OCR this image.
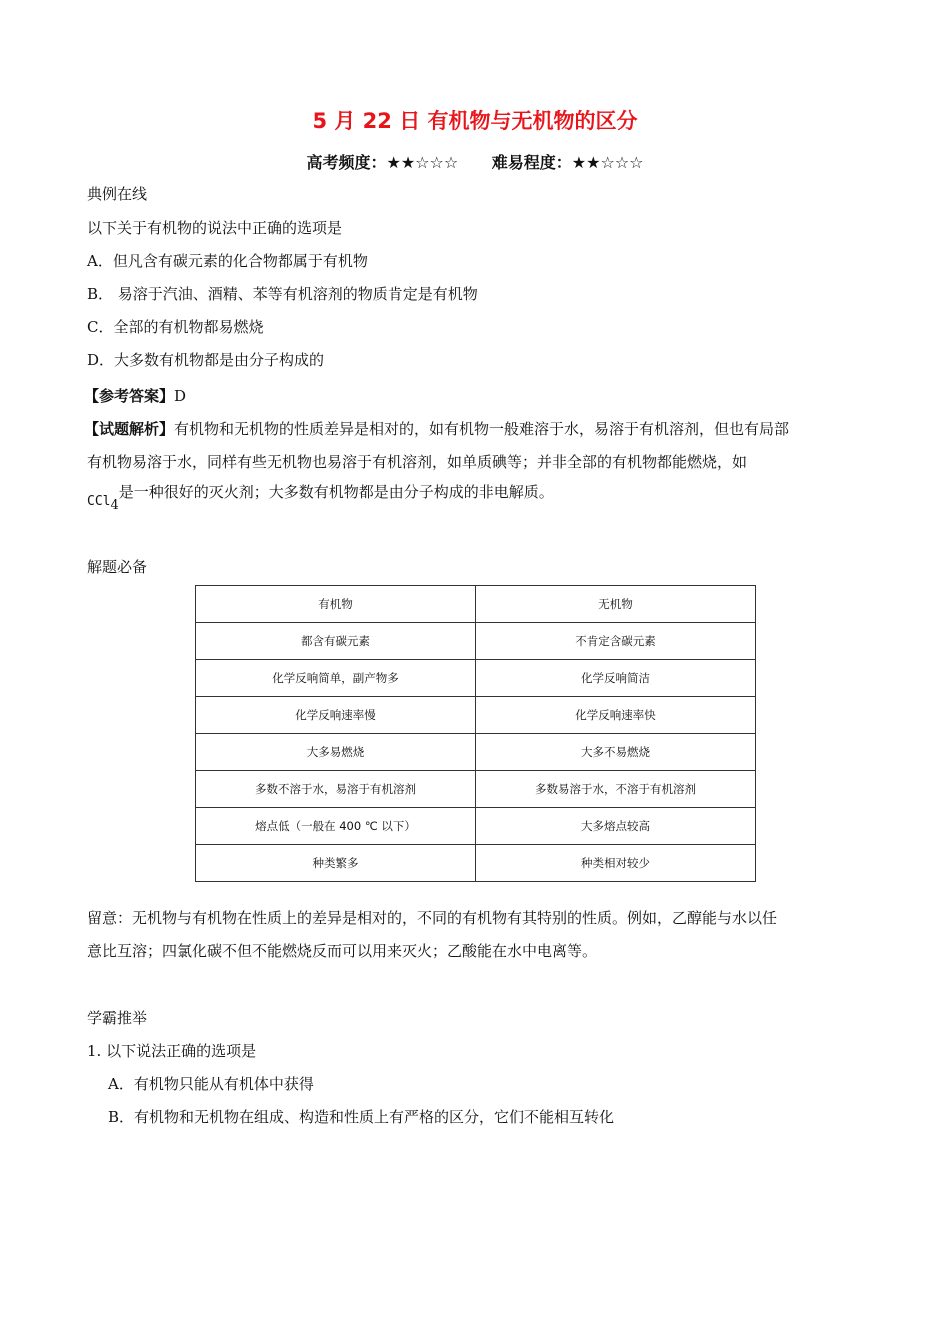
5 月 22 日 有机物与无机物的区分
高考频度：★★☆☆☆ 难易程度：★★☆☆☆
典例在线
以下关于有机物的说法中正确的选项是
A．但凡含有碳元素的化合物都属于有机物
B． 易溶于汽油、酒精、苯等有机溶剂的物质肯定是有机物
C．全部的有机物都易燃烧
D．大多数有机物都是由分子构成的
【参考答案】D
【试题解析】有机物和无机物的性质差异是相对的，如有机物一般难溶于水，易溶于有机溶剂，但也有局部
有机物易溶于水，同样有些无机物也易溶于有机溶剂，如单质碘等；并非全部的有机物都能燃烧，如
CCl$_4$是一种很好的灭火剂；大多数有机物都是由分子构成的非电解质。
解题必备
有机物	无机物
都含有碳元素	不肯定含碳元素
化学反响简单，副产物多	化学反响简洁
化学反响速率慢	化学反响速率快
大多易燃烧	大多不易燃烧
多数不溶于水，易溶于有机溶剂	多数易溶于水，不溶于有机溶剂
熔点低（一般在 400 ℃ 以下）	大多熔点较高
种类繁多	种类相对较少
留意：无机物与有机物在性质上的差异是相对的，不同的有机物有其特别的性质。例如，乙醇能与水以任
意比互溶；四氯化碳不但不能燃烧反而可以用来灭火；乙酸能在水中电离等。
学霸推举
1. 以下说法正确的选项是
A．有机物只能从有机体中获得
B．有机物和无机物在组成、构造和性质上有严格的区分，它们不能相互转化
